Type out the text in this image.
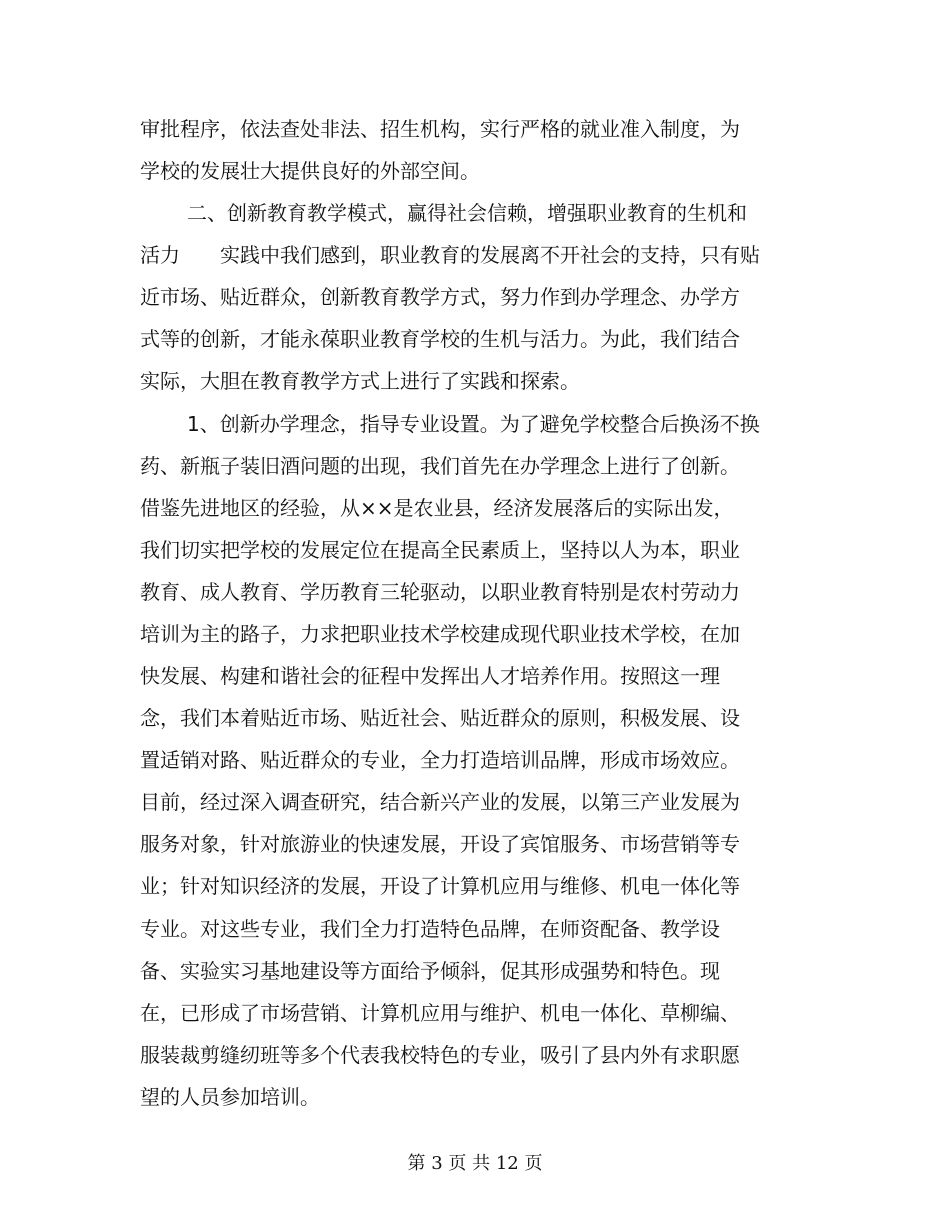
审批程序，依法查处非法、招生机构，实行严格的就业准入制度，为
学校的发展壮大提供良好的外部空间。
二、创新教育教学模式，赢得社会信赖，增强职业教育的生机和
活力　　实践中我们感到，职业教育的发展离不开社会的支持，只有贴
近市场、贴近群众，创新教育教学方式，努力作到办学理念、办学方
式等的创新，才能永葆职业教育学校的生机与活力。为此，我们结合
实际，大胆在教育教学方式上进行了实践和探索。
1、创新办学理念，指导专业设置。为了避免学校整合后换汤不换
药、新瓶子装旧酒问题的出现，我们首先在办学理念上进行了创新。
借鉴先进地区的经验，从××是农业县，经济发展落后的实际出发，
我们切实把学校的发展定位在提高全民素质上，坚持以人为本，职业
教育、成人教育、学历教育三轮驱动，以职业教育特别是农村劳动力
培训为主的路子，力求把职业技术学校建成现代职业技术学校，在加
快发展、构建和谐社会的征程中发挥出人才培养作用。按照这一理
念，我们本着贴近市场、贴近社会、贴近群众的原则，积极发展、设
置适销对路、贴近群众的专业，全力打造培训品牌，形成市场效应。
目前，经过深入调查研究，结合新兴产业的发展，以第三产业发展为
服务对象，针对旅游业的快速发展，开设了宾馆服务、市场营销等专
业；针对知识经济的发展，开设了计算机应用与维修、机电一体化等
专业。对这些专业，我们全力打造特色品牌，在师资配备、教学设
备、实验实习基地建设等方面给予倾斜，促其形成强势和特色。现
在，已形成了市场营销、计算机应用与维护、机电一体化、草柳编、
服装裁剪缝纫班等多个代表我校特色的专业，吸引了县内外有求职愿
望的人员参加培训。
第 3 页 共 12 页
